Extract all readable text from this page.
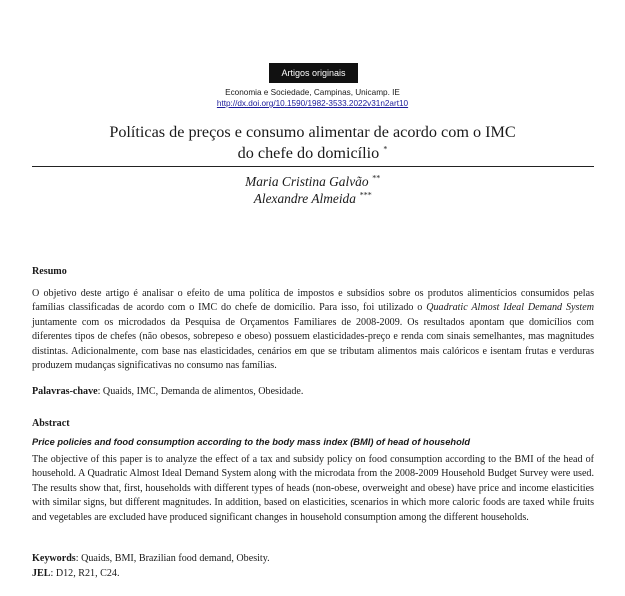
Artigos originais
Economia e Sociedade, Campinas, Unicamp. IE
http://dx.doi.org/10.1590/1982-3533.2022v31n2art10
Políticas de preços e consumo alimentar de acordo com o IMC
do chefe do domicílio *
Maria Cristina Galvão **
Alexandre Almeida ***
Resumo
O objetivo deste artigo é analisar o efeito de uma política de impostos e subsídios sobre os produtos alimentícios consumidos pelas famílias classificadas de acordo com o IMC do chefe de domicílio. Para isso, foi utilizado o Quadratic Almost Ideal Demand System juntamente com os microdados da Pesquisa de Orçamentos Familiares de 2008-2009. Os resultados apontam que domicílios com diferentes tipos de chefes (não obesos, sobrepeso e obeso) possuem elasticidades-preço e renda com sinais semelhantes, mas magnitudes distintas. Adicionalmente, com base nas elasticidades, cenários em que se tributam alimentos mais calóricos e isentam frutas e verduras produzem mudanças significativas no consumo nas famílias.
Palavras-chave: Quaids, IMC, Demanda de alimentos, Obesidade.
Abstract
Price policies and food consumption according to the body mass index (BMI) of head of household
The objective of this paper is to analyze the effect of a tax and subsidy policy on food consumption according to the BMI of the head of household. A Quadratic Almost Ideal Demand System along with the microdata from the 2008-2009 Household Budget Survey were used. The results show that, first, households with different types of heads (non-obese, overweight and obese) have price and income elasticities with similar signs, but different magnitudes. In addition, based on elasticities, scenarios in which more caloric foods are taxed while fruits and vegetables are excluded have produced significant changes in household consumption among the different households.
Keywords: Quaids, BMI, Brazilian food demand, Obesity.
JEL: D12, R21, C24.
